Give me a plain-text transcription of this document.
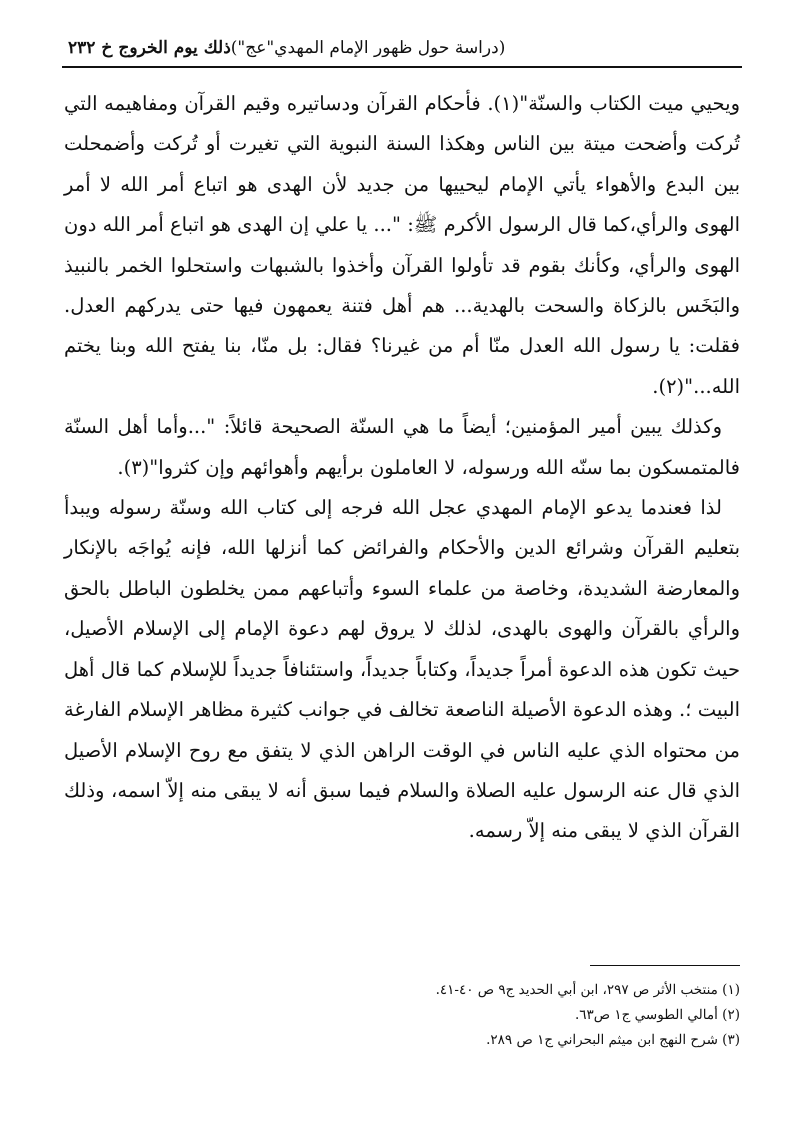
٢٣٢ خ ذلك يوم الخروج (دراسة حول ظهور الإمام المهدي"عج")

ويحيي ميت الكتاب والسنّة"(١). فأحكام القرآن ودساتيره وقيم القرآن ومفاهيمه التي تُركت وأضحت ميتة بين الناس وهكذا السنة النبوية التي تغيرت أو تُركت وأضمحلت بين البدع والأهواء يأتي الإمام ليحييها من جديد لأن الهدى هو اتباع أمر الله لا أمر الهوى والرأي،كما قال الرسول الأكرم ﷺ: "... يا علي إن الهدى هو اتباع أمر الله دون الهوى والرأي، وكأنك بقوم قد تأولوا القرآن وأخذوا بالشبهات واستحلوا الخمر بالنبيذ والبَخَس بالزكاة والسحت بالهدية... هم أهل فتنة يعمهون فيها حتى يدركهم العدل. فقلت: يا رسول الله العدل منّا أم من غيرنا؟ فقال: بل منّا، بنا يفتح الله وبنا يختم الله..."(٢).

وكذلك يبين أمير المؤمنين؛ أيضاً ما هي السنّة الصحيحة قائلاً: "...وأما أهل السنّة فالمتمسكون بما سنّه الله ورسوله، لا العاملون برأيهم وأهوائهم وإن كثروا"(٣).

لذا فعندما يدعو الإمام المهدي عجل الله فرجه إلى كتاب الله وسنّة رسوله ويبدأ بتعليم القرآن وشرائع الدين والأحكام والفرائض كما أنزلها الله، فإنه يُواجَه بالإنكار والمعارضة الشديدة، وخاصة من علماء السوء وأتباعهم ممن يخلطون الباطل بالحق والرأي بالقرآن والهوى بالهدى، لذلك لا يروق لهم دعوة الإمام إلى الإسلام الأصيل، حيث تكون هذه الدعوة أمراً جديداً، وكتاباً جديداً، واستئنافاً جديداً للإسلام كما قال أهل البيت ؛. وهذه الدعوة الأصيلة الناصعة تخالف في جوانب كثيرة مظاهر الإسلام الفارغة من محتواه الذي عليه الناس في الوقت الراهن الذي لا يتفق مع روح الإسلام الأصيل الذي قال عنه الرسول عليه الصلاة والسلام فيما سبق أنه لا يبقى منه إلاّ اسمه، وذلك القرآن الذي لا يبقى منه إلاّ رسمه.

(١) منتخب الأثر ص ٢٩٧، ابن أبي الحديد ج٩ ص ٤٠-٤١.
(٢) أمالي الطوسي ج١ ص٦٣.
(٣) شرح النهج ابن ميثم البحراني ج١ ص ٢٨٩.
